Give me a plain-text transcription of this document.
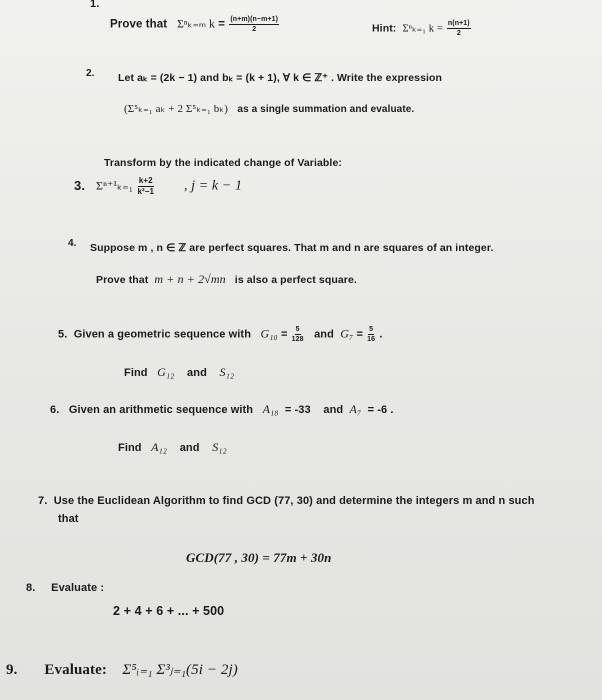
1.
Prove that Σⁿₖ₌ₘ $k = \frac{(n+m)(n-m+1)}{2}$	Hint: Σⁿₖ₌₁ $k = \frac{n(n+1)}{2}$
2. Let aₖ = (2k − 1) and bₖ = (k + 1), ∀ k ∈ ℤ⁺ . Write the expression
(Σ⁵ₖ₌₁ aₖ + 2 Σ⁵ₖ₌₁ bₖ) as a single summation and evaluate.
Transform by the indicated change of Variable:
3. $\Sigma^{n+1}_{k=1} \frac{k+2}{\text{k²−1}}$ , j = k − 1
4. Suppose m , n ∈ ℤ are perfect squares. That m and n are squares of an integer.
Prove that m + n + 2√mn is also a perfect square.
5. Given a geometric sequence with $G_{10} = \frac{5}{128}$ and $G_7 = \frac{5}{16}$ .
Find G₁₂ and S₁₂
6. Given an arithmetic sequence with A₁₈ = -33 and A₇ = -6 .
Find A₁₂ and S₁₂
7. Use the Euclidean Algorithm to find GCD (77, 30) and determine the integers m and n such
that
GCD(77 , 30) = 77m + 30n
8. Evaluate :
2 + 4 + 6 + ... + 500
9. Evaluate: Σ⁵ᵢ₌₁ Σ³ⱼ₌₁(5i − 2j)
